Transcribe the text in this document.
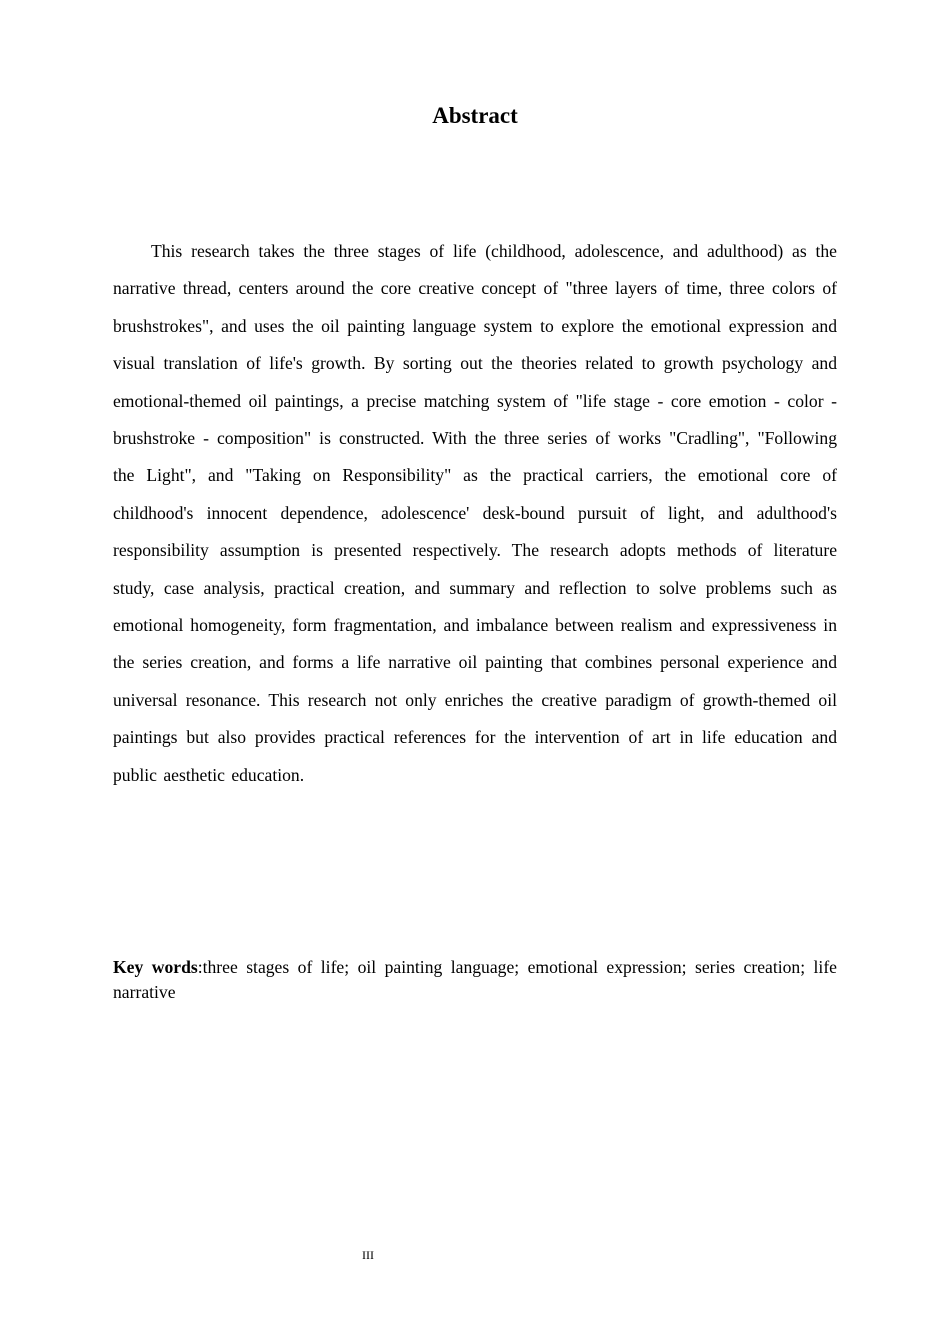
Abstract

This research takes the three stages of life (childhood, adolescence, and adulthood) as the narrative thread, centers around the core creative concept of "three layers of time, three colors of brushstrokes", and uses the oil painting language system to explore the emotional expression and visual translation of life's growth. By sorting out the theories related to growth psychology and emotional-themed oil paintings, a precise matching system of "life stage - core emotion - color - brushstroke - composition" is constructed. With the three series of works "Cradling", "Following the Light", and "Taking on Responsibility" as the practical carriers, the emotional core of childhood's innocent dependence, adolescence' desk-bound pursuit of light, and adulthood's responsibility assumption is presented respectively. The research adopts methods of literature study, case analysis, practical creation, and summary and reflection to solve problems such as emotional homogeneity, form fragmentation, and imbalance between realism and expressiveness in the series creation, and forms a life narrative oil painting that combines personal experience and universal resonance. This research not only enriches the creative paradigm of growth-themed oil paintings but also provides practical references for the intervention of art in life education and public aesthetic education.

Key words:three stages of life; oil painting language; emotional expression; series creation; life narrative

III
